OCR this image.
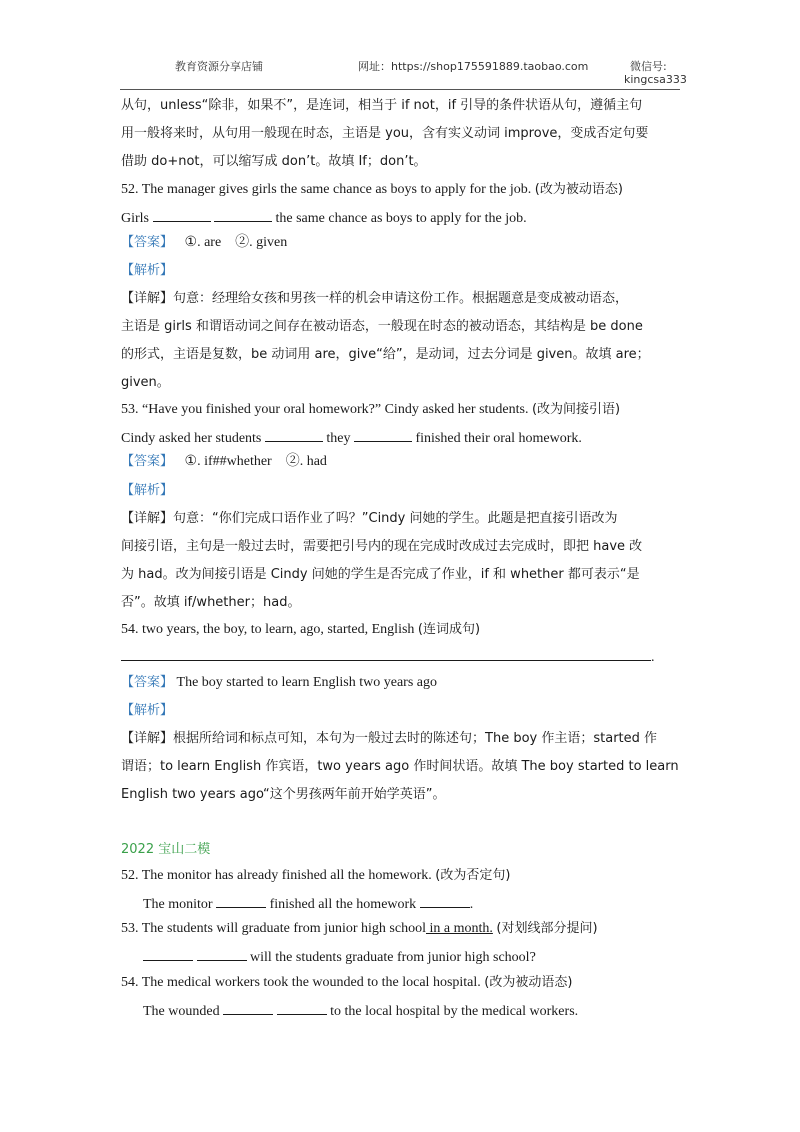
教育资源分享店铺	网址：https://shop175591889.taobao.com	微信号:
kingcsa333
从句，unless“除非，如果不”，是连词，相当于 if not，if 引导的条件状语从句，遵循主句
用一般将来时，从句用一般现在时态，主语是 you，含有实义动词 improve，变成否定句要
借助 do+not，可以缩写成 don’t。故填 If；don’t。
52. The manager gives girls the same chance as boys to apply for the job. (改为被动语态)
Girls	the same chance as boys to apply for the job.
【答案】 ①. are　②. given
【解析】
【详解】句意：经理给女孩和男孩一样的机会申请这份工作。根据题意是变成被动语态，
主语是 girls 和谓语动词之间存在被动语态，一般现在时态的被动语态，其结构是 be done
的形式，主语是复数，be 动词用 are，give“给”，是动词，过去分词是 given。故填 are；
given。
53. “Have you finished your oral homework?” Cindy asked her students. (改为间接引语)
Cindy asked her students	they	finished their oral homework.
【答案】 ①. if##whether　②. had
【解析】
【详解】句意：“你们完成口语作业了吗？”Cindy 问她的学生。此题是把直接引语改为
间接引语，主句是一般过去时，需要把引号内的现在完成时改成过去完成时，即把 have 改
为 had。改为间接引语是 Cindy 问她的学生是否完成了作业，if 和 whether 都可表示“是
否”。故填 if/whether；had。
54. two years, the boy, to learn, ago, started, English (连词成句)
.
【答案】 The boy started to learn English two years ago
【解析】
【详解】根据所给词和标点可知，本句为一般过去时的陈述句；The boy 作主语；started 作
谓语；to learn English 作宾语，two years ago 作时间状语。故填 The boy started to learn
English two years ago“这个男孩两年前开始学英语”。
2022 宝山二模
52. The monitor has already finished all the homework. (改为否定句)
The monitor	finished all the homework	.
53. The students will graduate from junior high school in a month. (对划线部分提问)
will the students graduate from junior high school?
54. The medical workers took the wounded to the local hospital. (改为被动语态)
The wounded	to the local hospital by the medical workers.
